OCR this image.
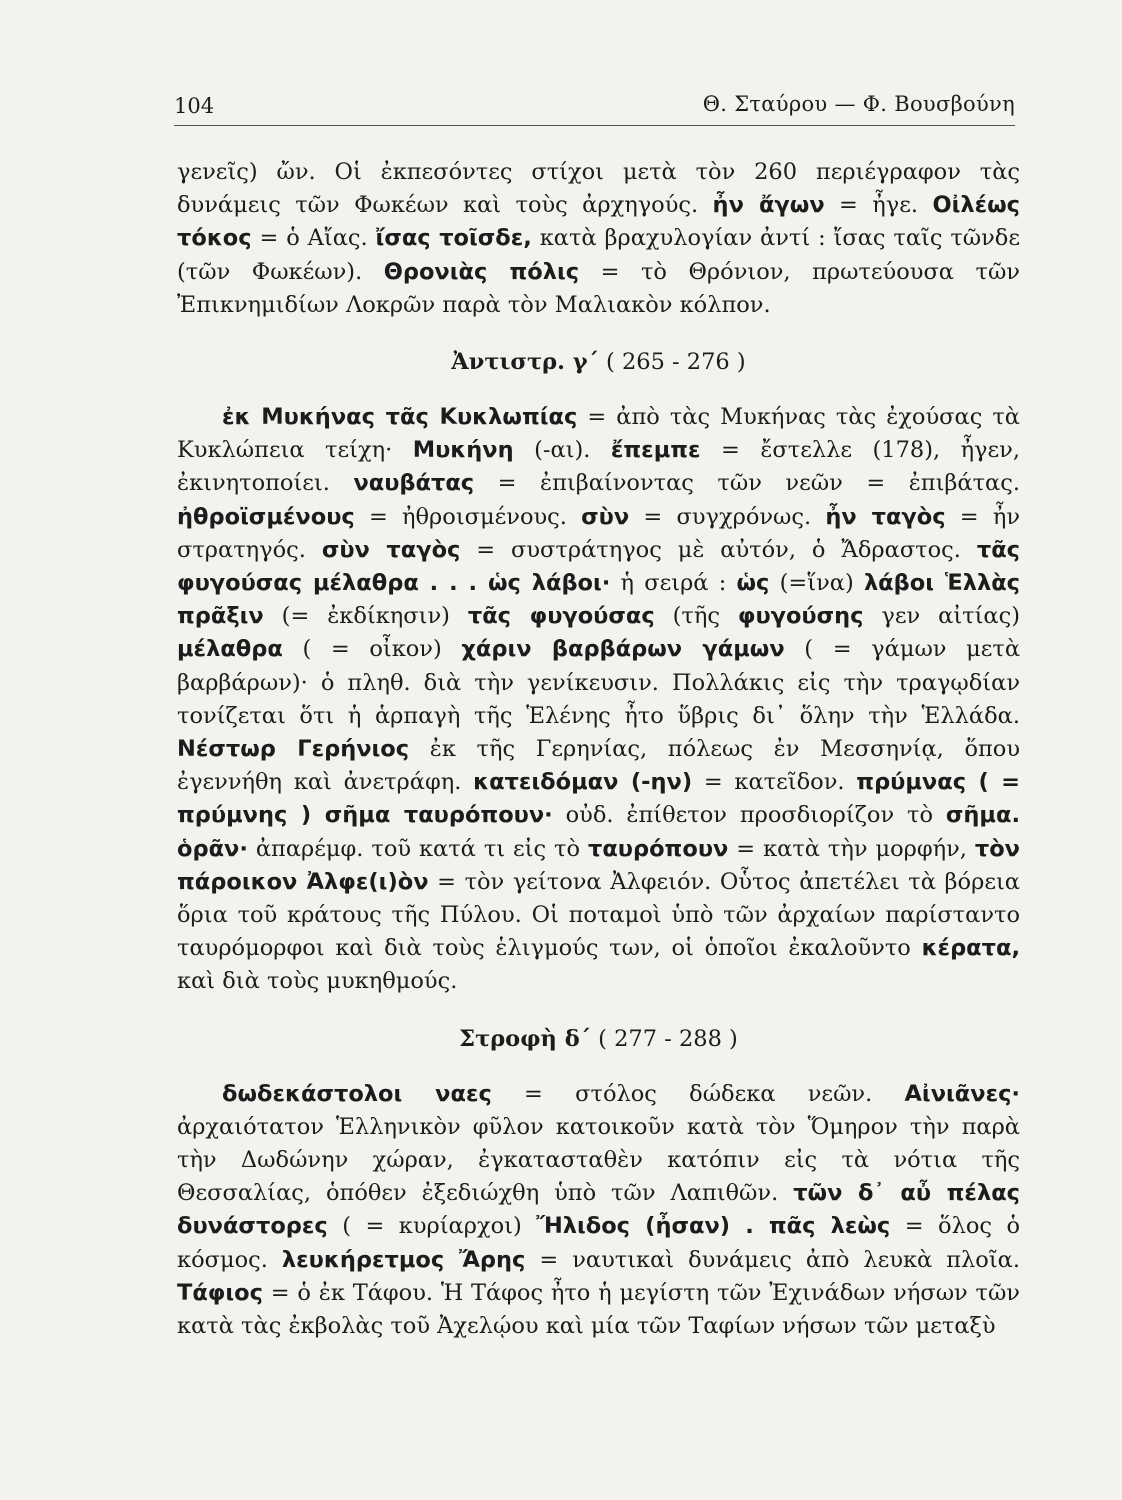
104	Θ. Σταύρου — Φ. Βουσβούνη

γενεῖς) ὤν. Οἱ ἐκπεσόντες στίχοι μετὰ τὸν 260 περιέγραφον τὰς δυνάμεις τῶν Φωκέων καὶ τοὺς ἀρχηγούς. ἦν ἄγων = ἦγε. Οἰλέως τόκος = ὁ Αἴας. ἴσας τοῖσδε, κατὰ βραχυλογίαν ἀντί : ἴσας ταῖς τῶνδε (τῶν Φωκέων). Θρονιὰς πόλις = τὸ Θρόνιον, πρωτεύουσα τῶν Ἐπικνημιδίων Λοκρῶν παρὰ τὸν Μαλιακὸν κόλπον.

Ἀντιστρ. γ´ ( 265 - 276 )

ἐκ Μυκήνας τᾶς Κυκλωπίας = ἀπὸ τὰς Μυκήνας τὰς ἐχούσας τὰ Κυκλώπεια τείχη· Μυκήνη (-αι). ἔπεμπε = ἔστελλε (178), ἦγεν, ἐκινητοποίει. ναυβάτας = ἐπιβαίνοντας τῶν νεῶν = ἐπιβάτας. ἠθροϊσμένους = ἠθροισμένους. σὺν = συγχρόνως. ἦν ταγὸς = ἦν στρατηγός. σὺν ταγὸς = συστράτηγος μὲ αὐτόν, ὁ Ἄδραστος. τᾶς φυγούσας μέλαθρα . . . ὡς λάβοι· ἡ σειρά : ὡς (=ἵνα) λάβοι Ἑλλὰς πρᾶξιν (= ἐκδίκησιν) τᾶς φυγούσας (τῆς φυγούσης γεν αἰτίας) μέλαθρα ( = οἶκον) χάριν βαρβάρων γάμων ( = γάμων μετὰ βαρβάρων)· ὁ πληθ. διὰ τὴν γενίκευσιν. Πολλάκις εἰς τὴν τραγῳδίαν τονίζεται ὅτι ἡ ἁρπαγὴ τῆς Ἑλένης ἦτο ὕβρις δι᾽ ὅλην τὴν Ἑλλάδα. Νέστωρ Γερήνιος ἐκ τῆς Γερηνίας, πόλεως ἐν Μεσσηνίᾳ, ὅπου ἐγεννήθη καὶ ἀνετράφη. κατειδόμαν (-ην) = κατεῖδον. πρύμνας ( = πρύμνης ) σῆμα ταυρόπουν· οὐδ. ἐπίθετον προσδιορίζον τὸ σῆμα. ὁρᾶν· ἀπαρέμφ. τοῦ κατά τι εἰς τὸ ταυρόπουν = κατὰ τὴν μορφήν, τὸν πάροικον Ἀλφε(ι)ὸν = τὸν γείτονα Ἀλφειόν. Οὗτος ἀπετέλει τὰ βόρεια ὅρια τοῦ κράτους τῆς Πύλου. Οἱ ποταμοὶ ὑπὸ τῶν ἀρχαίων παρίσταντο ταυρόμορφοι καὶ διὰ τοὺς ἑλιγμούς των, οἱ ὁποῖοι ἐκαλοῦντο κέρατα, καὶ διὰ τοὺς μυκηθμούς.

Στροφὴ δ´ ( 277 - 288 )

δωδεκάστολοι ναες = στόλος δώδεκα νεῶν. Αἰνιᾶνες· ἀρχαιότατον Ἑλληνικὸν φῦλον κατοικοῦν κατὰ τὸν Ὅμηρον τὴν παρὰ τὴν Δωδώνην χώραν, ἐγκατασταθὲν κατόπιν εἰς τὰ νότια τῆς Θεσσαλίας, ὁπόθεν ἐξεδιώχθη ὑπὸ τῶν Λαπιθῶν. τῶν δ᾽ αὖ πέλας δυνάστορες ( = κυρίαρχοι) Ἤλιδος (ἦσαν) . πᾶς λεὼς = ὅλος ὁ κόσμος. λευκήρετμος Ἄρης = ναυτικαὶ δυνάμεις ἀπὸ λευκὰ πλοῖα. Τάφιος = ὁ ἐκ Τάφου. Ἡ Τάφος ἦτο ἡ μεγίστη τῶν Ἐχινάδων νήσων τῶν κατὰ τὰς ἐκβολὰς τοῦ Ἀχελῴου καὶ μία τῶν Ταφίων νήσων τῶν μεταξὺ
